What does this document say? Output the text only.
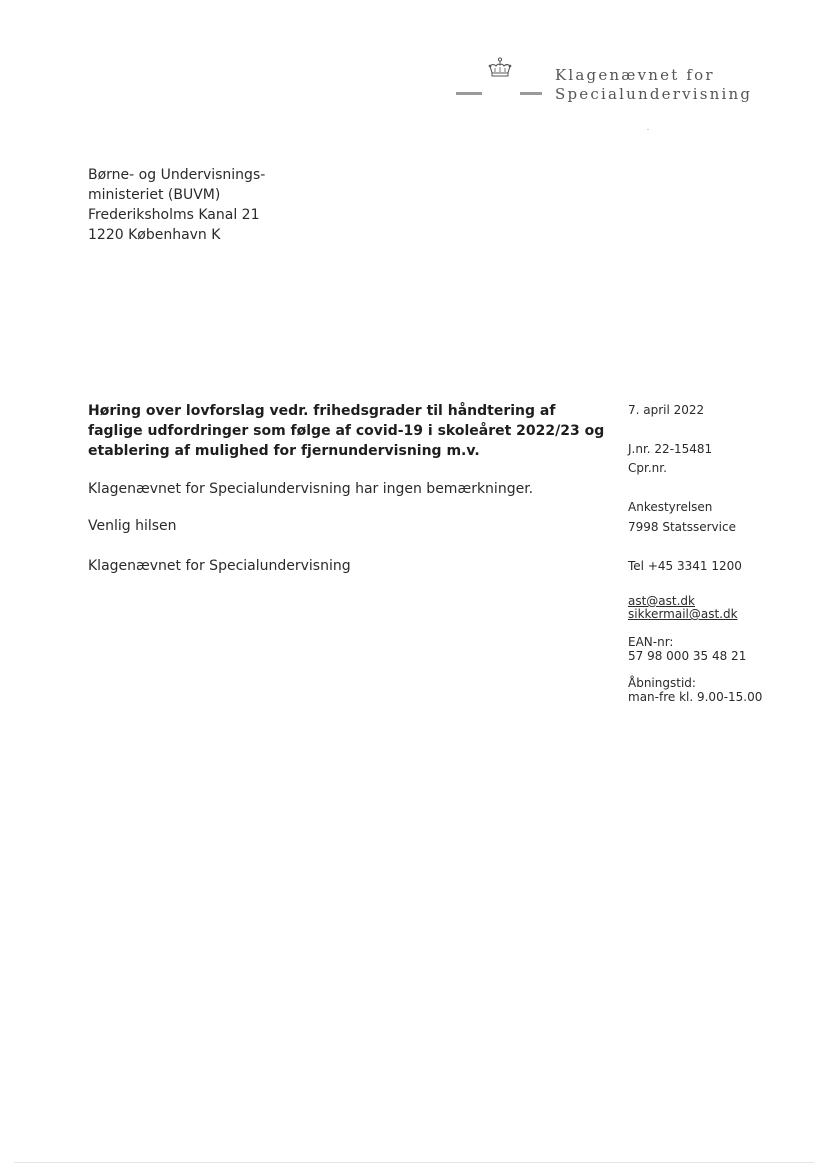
Klagenævnet for
Specialundervisning
Børne- og Undervisnings-
ministeriet (BUVM)
Frederiksholms Kanal 21
1220 København K
Høring over lovforslag vedr. frihedsgrader til håndtering af
faglige udfordringer som følge af covid-19 i skoleåret 2022/23 og
etablering af mulighed for fjernundervisning m.v.
Klagenævnet for Specialundervisning har ingen bemærkninger.
Venlig hilsen
Klagenævnet for Specialundervisning
7. april 2022
J.nr. 22-15481
Cpr.nr.
Ankestyrelsen
7998 Statsservice
Tel +45 3341 1200
ast@ast.dk
sikkermail@ast.dk
EAN-nr:
57 98 000 35 48 21
Åbningstid:
man-fre kl. 9.00-15.00
